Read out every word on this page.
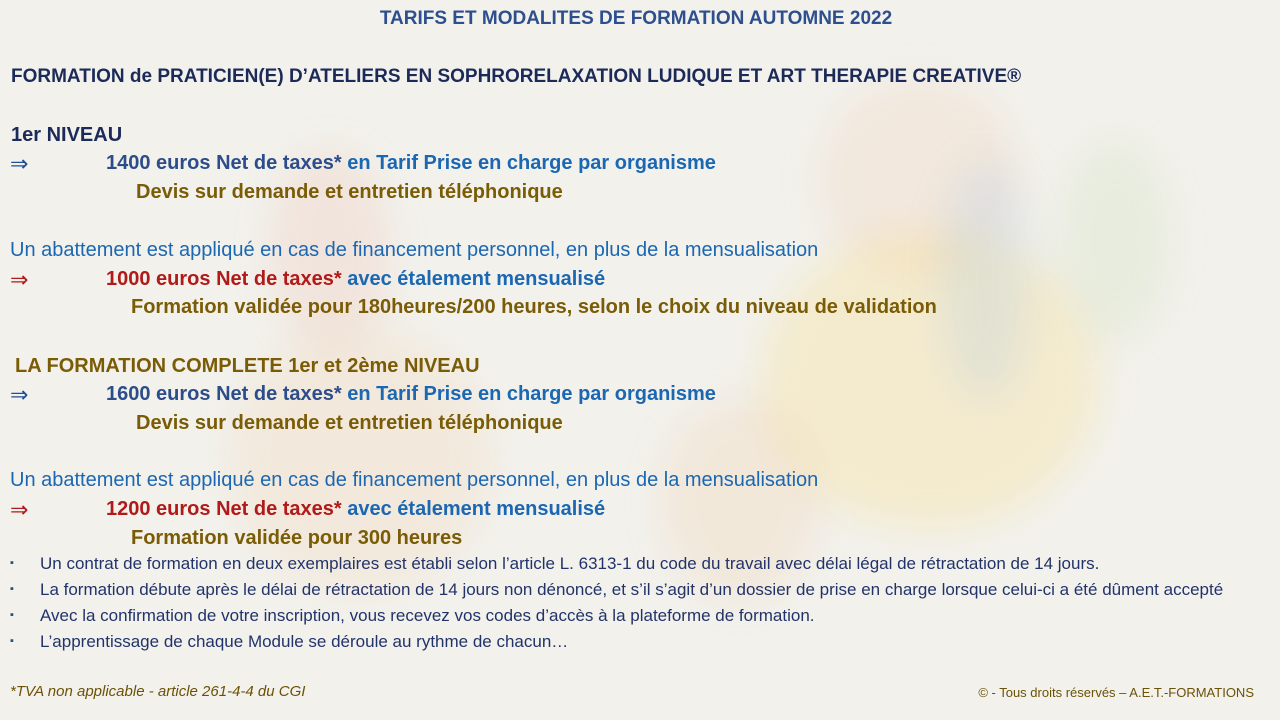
TARIFS ET MODALITES DE FORMATION AUTOMNE 2022
FORMATION de PRATICIEN(E) D’ATELIERS EN SOPHRORELAXATION LUDIQUE ET ART THERAPIE CREATIVE®
1er NIVEAU
⇒	1400 euros Net de taxes* en Tarif Prise en charge par organisme
Devis sur demande et entretien téléphonique
Un abattement est appliqué en cas de financement personnel, en plus de la mensualisation
⇒	1000 euros Net de taxes* avec étalement mensualisé
Formation validée pour 180heures/200 heures, selon le choix du niveau de validation
LA FORMATION COMPLETE 1er et 2ème NIVEAU
⇒	1600 euros Net de taxes* en Tarif Prise en charge par organisme
Devis sur demande et entretien téléphonique
Un abattement est appliqué en cas de financement personnel, en plus de la mensualisation
⇒	1200 euros Net de taxes* avec étalement mensualisé
Formation validée pour 300 heures
▪	Un contrat de formation en deux exemplaires est établi selon l’article L. 6313-1 du code du travail avec délai légal de rétractation de 14 jours.
▪	La formation débute après le délai de rétractation de 14 jours non dénoncé, et s’il s’agit d’un dossier de prise en charge lorsque celui-ci a été dûment accepté
▪	Avec la confirmation de votre inscription, vous recevez vos codes d’accès à la plateforme de formation.
▪	L’apprentissage de chaque Module se déroule au rythme de chacun…
*TVA non applicable - article 261-4-4 du CGI	© - Tous droits réservés – A.E.T.-FORMATIONS
